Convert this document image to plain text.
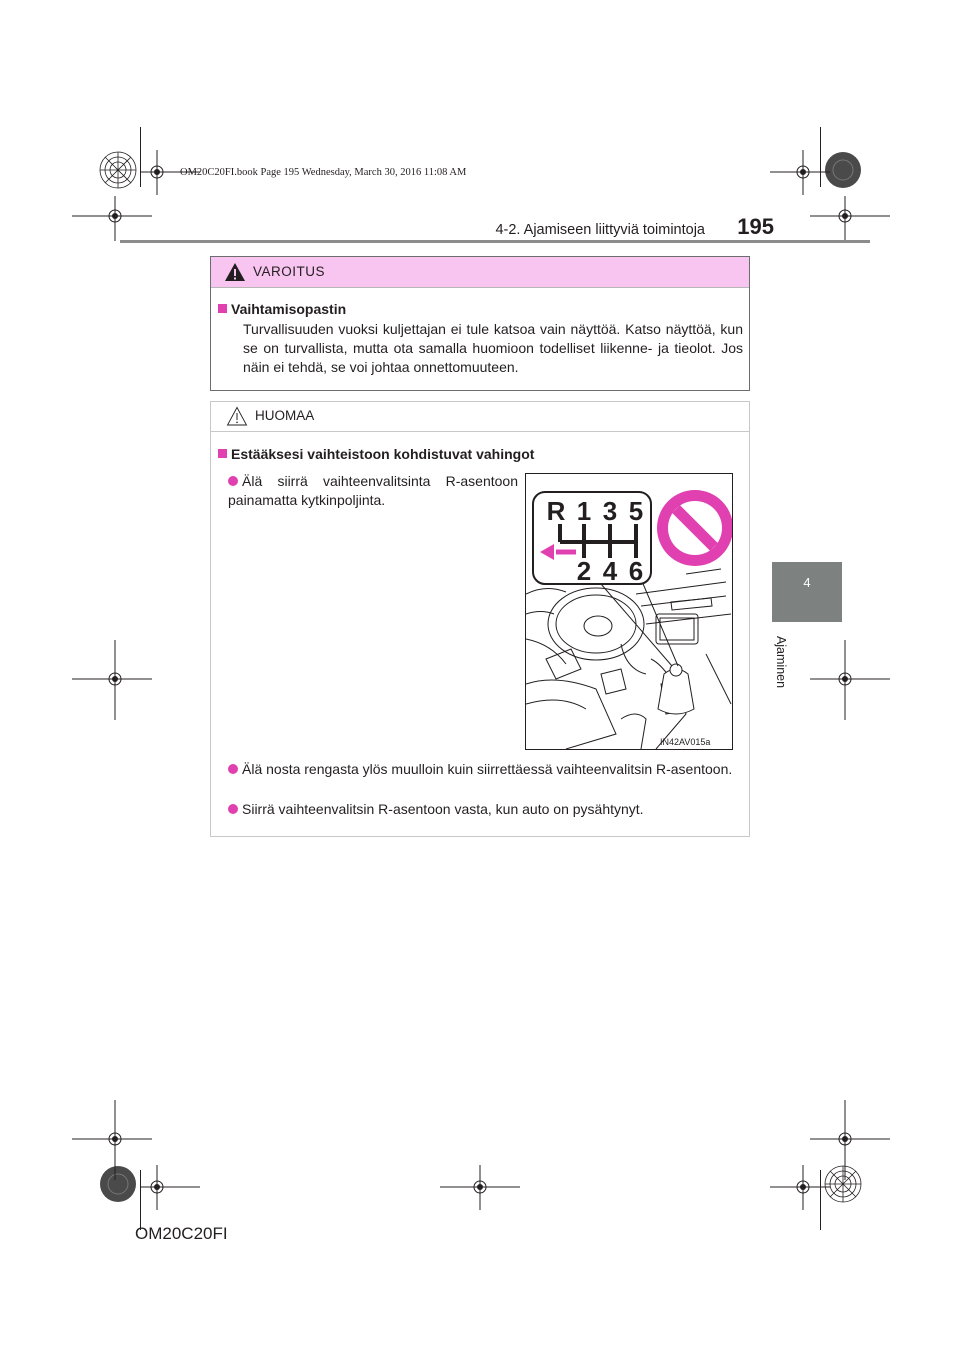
OM20C20FI.book Page 195 Wednesday, March 30, 2016 11:08 AM
4-2. Ajamiseen liittyviä toimintoja	195
4
Ajaminen
VAROITUS
Vaihtamisopastin
Turvallisuuden vuoksi kuljettajan ei tule katsoa vain näyttöä. Katso näyttöä, kun se on turvallista, mutta ota samalla huomioon todelliset liikenne- ja tieolot. Jos näin ei tehdä, se voi johtaa onnettomuuteen.
HUOMAA
Estääksesi vaihteistoon kohdistuvat vahingot
Älä siirrä vaihteenvalitsinta R-asentoon painamatta kytkinpoljinta.
Älä nosta rengasta ylös muulloin kuin siirrettäessä vaihteenvalitsin R-asentoon.
Siirrä vaihteenvalitsin R-asentoon vasta, kun auto on pysähtynyt.
R 1 3 5
2 4 6
IN42AV015a
OM20C20FI
